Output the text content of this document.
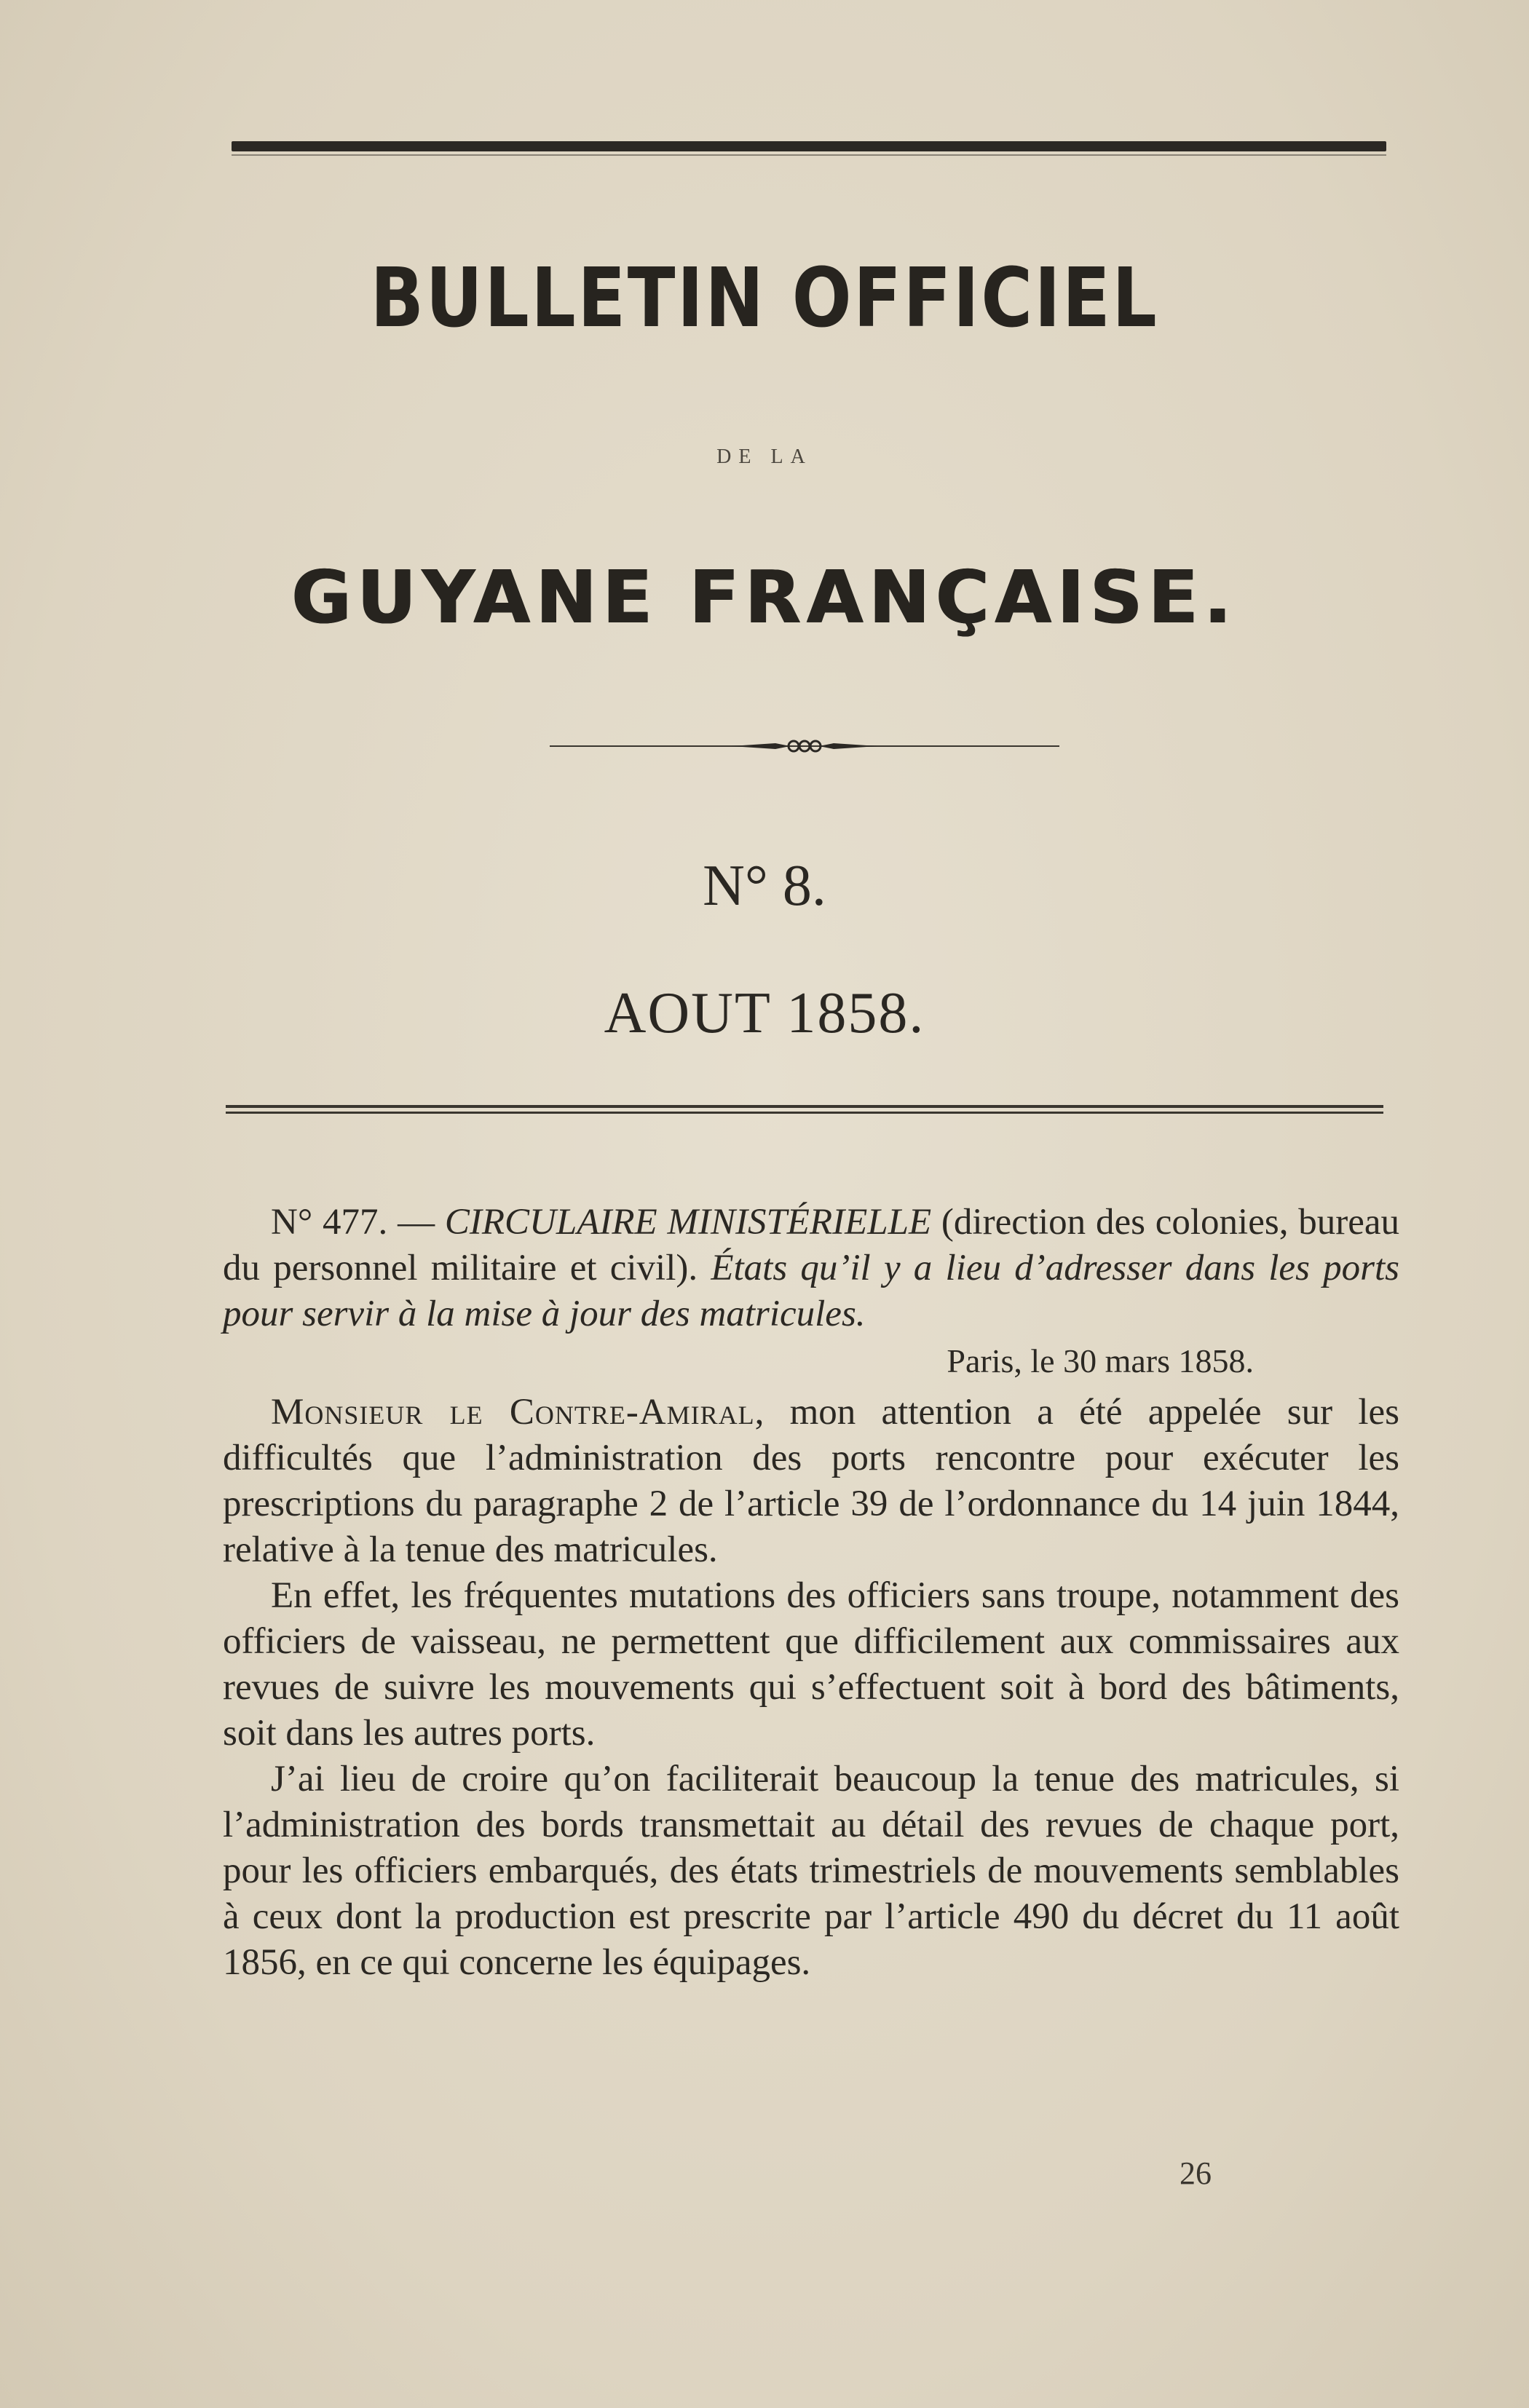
BULLETIN OFFICIEL
DE LA
GUYANE FRANÇAISE.
N° 8.
AOUT 1858.

N° 477. — CIRCULAIRE MINISTÉRIELLE (direction des colonies, bureau du personnel militaire et civil). États qu’il y a lieu d’adresser dans les ports pour servir à la mise à jour des matricules.

Paris, le 30 mars 1858.

Monsieur le Contre-Amiral, mon attention a été appelée sur les difficultés que l’administration des ports rencontre pour exécuter les prescriptions du paragraphe 2 de l’article 39 de l’ordonnance du 14 juin 1844, relative à la tenue des matricules.

En effet, les fréquentes mutations des officiers sans troupe, notamment des officiers de vaisseau, ne permettent que difficilement aux commissaires aux revues de suivre les mouvements qui s’effectuent soit à bord des bâtiments, soit dans les autres ports.

J’ai lieu de croire qu’on faciliterait beaucoup la tenue des matricules, si l’administration des bords transmettait au détail des revues de chaque port, pour les officiers embarqués, des états trimestriels de mouvements semblables à ceux dont la production est prescrite par l’article 490 du décret du 11 août 1856, en ce qui concerne les équipages.

26
